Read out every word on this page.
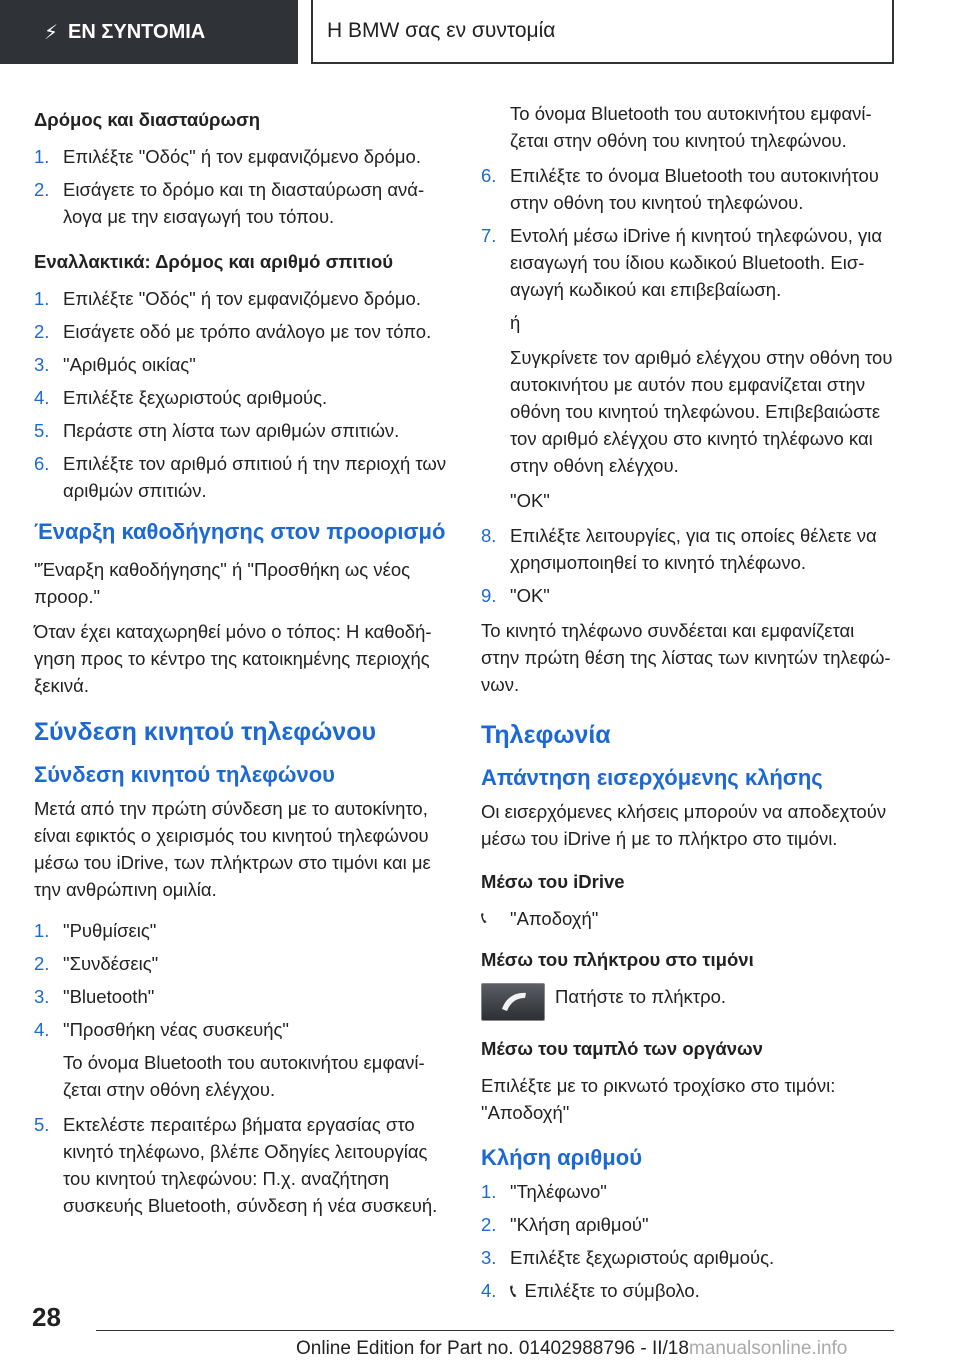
⚡︎ ΕΝ ΣΥΝΤΟΜΙΑ	Η BMW σας εν συντομία
Δρόμος και διασταύρωση
1. Επιλέξτε "Οδός" ή τον εμφανιζόμενο δρόμο.
2. Εισάγετε το δρόμο και τη διασταύρωση ανάλογα με την εισαγωγή του τόπου.
Εναλλακτικά: Δρόμος και αριθμό σπιτιού
1. Επιλέξτε "Οδός" ή τον εμφανιζόμενο δρόμο.
2. Εισάγετε οδό με τρόπο ανάλογο με τον τόπο.
3. "Αριθμός οικίας"
4. Επιλέξτε ξεχωριστούς αριθμούς.
5. Περάστε στη λίστα των αριθμών σπιτιών.
6. Επιλέξτε τον αριθμό σπιτιού ή την περιοχή των αριθμών σπιτιών.
Έναρξη καθοδήγησης στον προορισμό

"Έναρξη καθοδήγησης" ή "Προσθήκη ως νέος προορ."

Όταν έχει καταχωρηθεί μόνο ο τόπος: Η καθοδήγηση προς το κέντρο της κατοικημένης περιοχής ξεκινά.

Σύνδεση κινητού τηλεφώνου
Σύνδεση κινητού τηλεφώνου

Μετά από την πρώτη σύνδεση με το αυτοκίνητο, είναι εφικτός ο χειρισμός του κινητού τηλεφώνου μέσω του iDrive, των πλήκτρων στο τιμόνι και με την ανθρώπινη ομιλία.

1. "Ρυθμίσεις"
2. "Συνδέσεις"
3. "Bluetooth"
4. "Προσθήκη νέας συσκευής"
Το όνομα Bluetooth του αυτοκινήτου εμφανίζεται στην οθόνη ελέγχου.
5. Εκτελέστε περαιτέρω βήματα εργασίας στο κινητό τηλέφωνο, βλέπε Οδηγίες λειτουργίας του κινητού τηλεφώνου: Π.χ. αναζήτηση συσκευής Bluetooth, σύνδεση ή νέα συσκευή.
Το όνομα Bluetooth του αυτοκινήτου εμφανίζεται στην οθόνη του κινητού τηλεφώνου.
6. Επιλέξτε το όνομα Bluetooth του αυτοκινήτου στην οθόνη του κινητού τηλεφώνου.
7. Εντολή μέσω iDrive ή κινητού τηλεφώνου, για εισαγωγή του ίδιου κωδικού Bluetooth. Εισαγωγή κωδικού και επιβεβαίωση.
ή
Συγκρίνετε τον αριθμό ελέγχου στην οθόνη του αυτοκινήτου με αυτόν που εμφανίζεται στην οθόνη του κινητού τηλεφώνου. Επιβεβαιώστε τον αριθμό ελέγχου στο κινητό τηλέφωνο και στην οθόνη ελέγχου.
"OK"
8. Επιλέξτε λειτουργίες, για τις οποίες θέλετε να χρησιμοποιηθεί το κινητό τηλέφωνο.
9. "OK"

Το κινητό τηλέφωνο συνδέεται και εμφανίζεται στην πρώτη θέση της λίστας των κινητών τηλεφώνων.

Τηλεφωνία
Απάντηση εισερχόμενης κλήσης

Οι εισερχόμενες κλήσεις μπορούν να αποδεχτούν μέσω του iDrive ή με το πλήκτρο στο τιμόνι.

Μέσω του iDrive
📞︎	"Αποδοχή"
Μέσω του πλήκτρου στο τιμόνι
Πατήστε το πλήκτρο.
Μέσω του ταμπλό των οργάνων

Επιλέξτε με το ρικνωτό τροχίσκο στο τιμόνι: "Αποδοχή"

Κλήση αριθμού
1. "Τηλέφωνο"
2. "Κλήση αριθμού"
3. Επιλέξτε ξεχωριστούς αριθμούς.
4. 📞︎ Επιλέξτε το σύμβολο.
28
Online Edition for Part no. 01402988796 - II/18manualsonline.info
